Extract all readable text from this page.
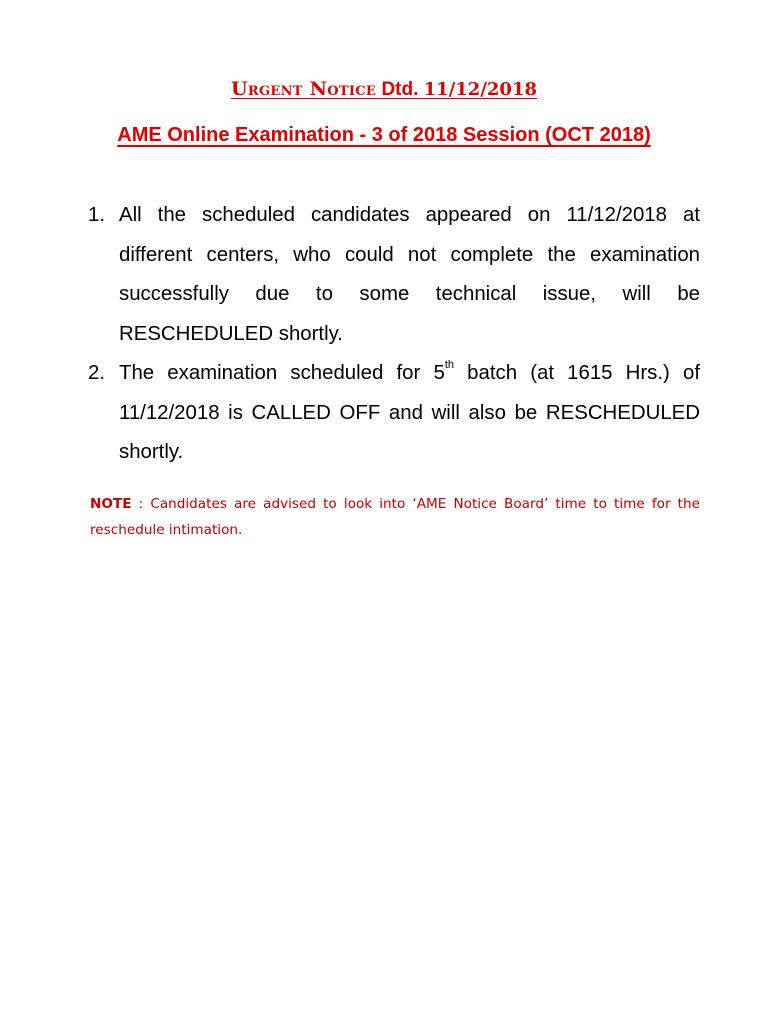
Urgent Notice Dtd. 11/12/2018
AME Online Examination - 3 of 2018 Session (OCT 2018)
1. All the scheduled candidates appeared on 11/12/2018 at different centers, who could not complete the examination successfully due to some technical issue, will be RESCHEDULED shortly.
2. The examination scheduled for 5th batch (at 1615 Hrs.) of 11/12/2018 is CALLED OFF and will also be RESCHEDULED shortly.
NOTE : Candidates are advised to look into ‘AME Notice Board’ time to time for the reschedule intimation.
